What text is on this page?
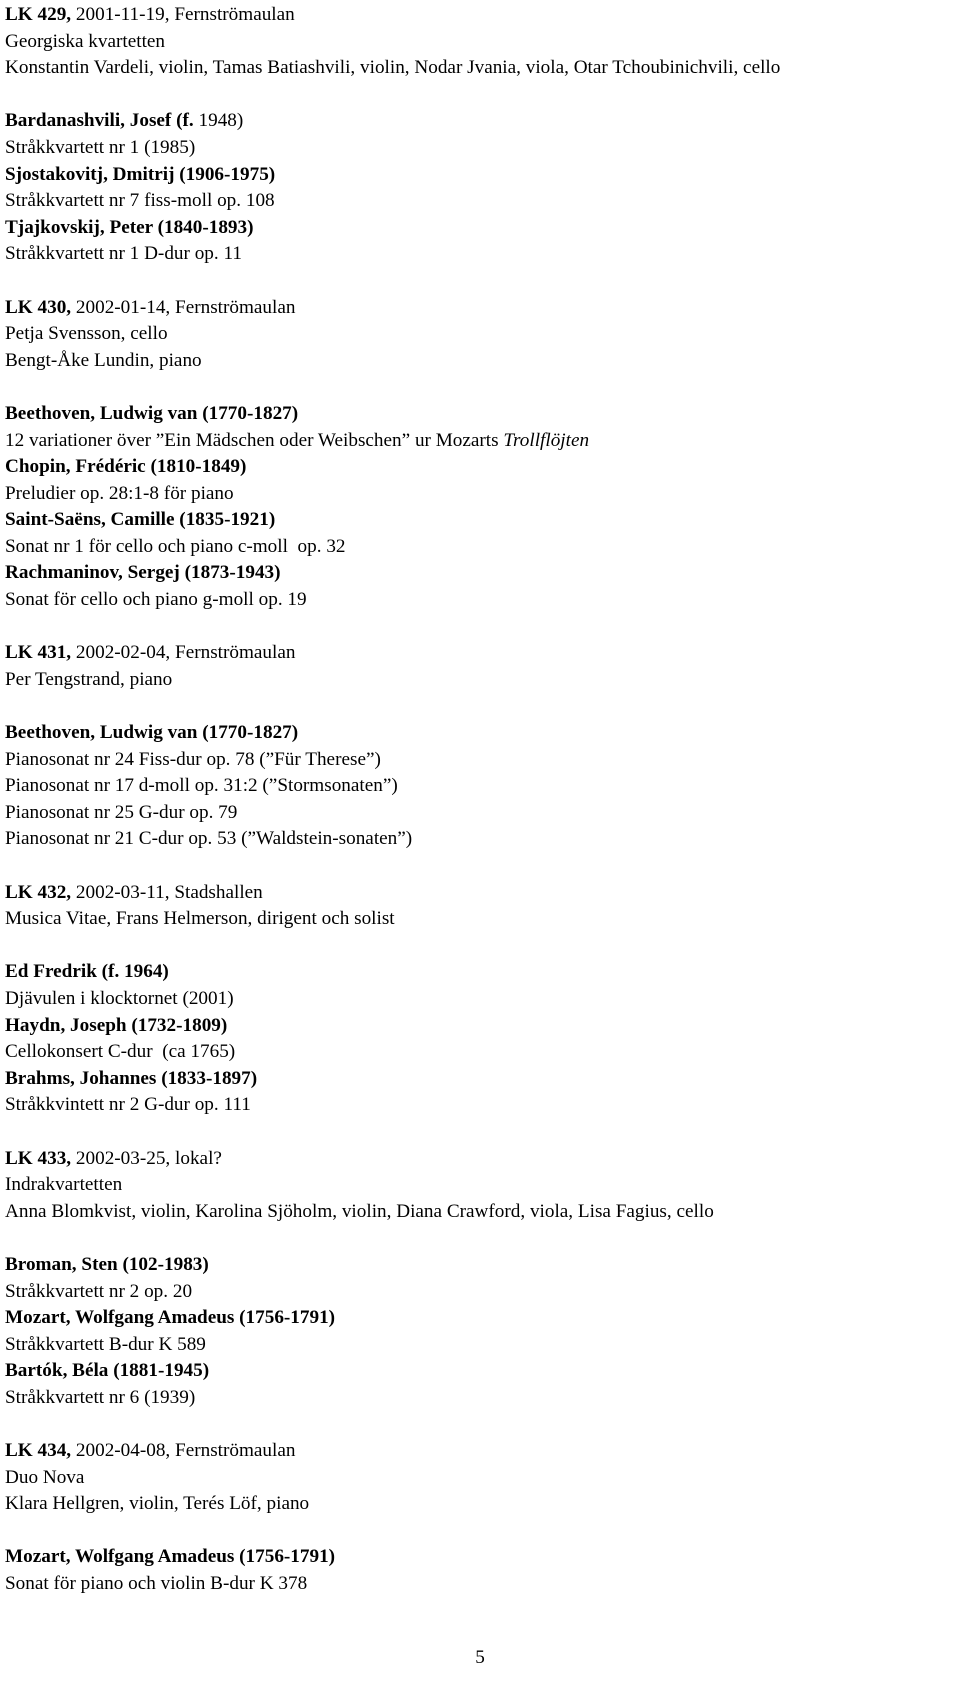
LK 429, 2001-11-19, Fernströmaulan
Georgiska kvartetten
Konstantin Vardeli, violin, Tamas Batiashvili, violin, Nodar Jvania, viola, Otar Tchoubinichvili, cello
Bardanashvili, Josef (f. 1948)
Stråkkvartett nr 1 (1985)
Sjostakovitj, Dmitrij (1906-1975)
Stråkkvartett nr 7 fiss-moll op. 108
Tjajkovskij, Peter (1840-1893)
Stråkkvartett nr 1 D-dur op. 11
LK 430, 2002-01-14, Fernströmaulan
Petja Svensson, cello
Bengt-Åke Lundin, piano
Beethoven, Ludwig van (1770-1827)
12 variationer över ”Ein Mädschen oder Weibschen” ur Mozarts Trollflöjten
Chopin, Frédéric (1810-1849)
Preludier op. 28:1-8 för piano
Saint-Saëns, Camille (1835-1921)
Sonat nr 1 för cello och piano c-moll  op. 32
Rachmaninov, Sergej (1873-1943)
Sonat för cello och piano g-moll op. 19
LK 431, 2002-02-04, Fernströmaulan
Per Tengstrand, piano
Beethoven, Ludwig van (1770-1827)
Pianosonat nr 24 Fiss-dur op. 78 (”Für Therese”)
Pianosonat nr 17 d-moll op. 31:2 (”Stormsonaten”)
Pianosonat nr 25 G-dur op. 79
Pianosonat nr 21 C-dur op. 53 (”Waldstein-sonaten”)
LK 432, 2002-03-11, Stadshallen
Musica Vitae, Frans Helmerson, dirigent och solist
Ed Fredrik (f. 1964)
Djävulen i klocktornet (2001)
Haydn, Joseph (1732-1809)
Cellokonsert C-dur  (ca 1765)
Brahms, Johannes (1833-1897)
Stråkkvintett nr 2 G-dur op. 111
LK 433, 2002-03-25, lokal?
Indrakvartetten
Anna Blomkvist, violin, Karolina Sjöholm, violin, Diana Crawford, viola, Lisa Fagius, cello
Broman, Sten (102-1983)
Stråkkvartett nr 2 op. 20
Mozart, Wolfgang Amadeus (1756-1791)
Stråkkvartett B-dur K 589
Bartók, Béla (1881-1945)
Stråkkvartett nr 6 (1939)
LK 434, 2002-04-08, Fernströmaulan
Duo Nova
Klara Hellgren, violin, Terés Löf, piano
Mozart, Wolfgang Amadeus (1756-1791)
Sonat för piano och violin B-dur K 378
5
